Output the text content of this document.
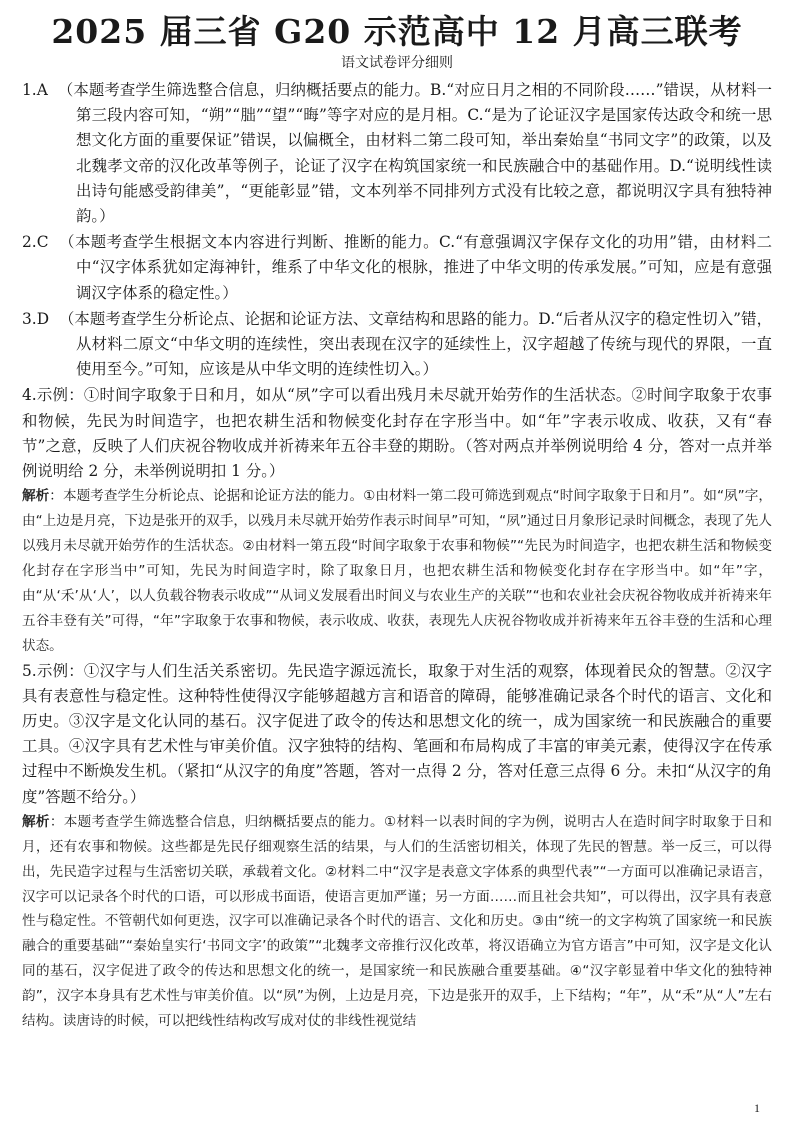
2025 届三省 G20 示范高中 12 月高三联考
语文试卷评分细则
1.A （本题考查学生筛选整合信息，归纳概括要点的能力。B.“对应日月之相的不同阶段……”错误，从材料一第三段内容可知，“朔”“朏”“望”“晦”等字对应的是月相。C.“是为了论证汉字是国家传达政令和统一思想文化方面的重要保证”错误，以偏概全，由材料二第二段可知，举出秦始皇“书同文字”的政策，以及北魏孝文帝的汉化改革等例子，论证了汉字在构筑国家统一和民族融合中的基础作用。D.“说明线性读出诗句能感受韵律美”，“更能彰显”错，文本列举不同排列方式没有比较之意，都说明汉字具有独特神韵。）
2.C （本题考查学生根据文本内容进行判断、推断的能力。C.“有意强调汉字保存文化的功用”错，由材料二中“汉字体系犹如定海神针，维系了中华文化的根脉，推进了中华文明的传承发展。”可知，应是有意强调汉字体系的稳定性。）
3.D （本题考查学生分析论点、论据和论证方法、文章结构和思路的能力。D.“后者从汉字的稳定性切入”错，从材料二原文“中华文明的连续性，突出表现在汉字的延续性上，汉字超越了传统与现代的界限，一直使用至今。”可知，应该是从中华文明的连续性切入。）
4.示例：①时间字取象于日和月，如从“夙”字可以看出残月未尽就开始劳作的生活状态。②时间字取象于农事和物候，先民为时间造字，也把农耕生活和物候变化封存在字形当中。如“年”字表示收成、收获，又有“春节”之意，反映了人们庆祝谷物收成并祈祷来年五谷丰登的期盼。（答对两点并举例说明给 4 分，答对一点并举例说明给 2 分，未举例说明扣 1 分。）
解析：本题考查学生分析论点、论据和论证方法的能力。①由材料一第二段可筛选到观点“时间字取象于日和月”。如“夙”字，由“上边是月亮，下边是张开的双手，以残月未尽就开始劳作表示时间早”可知，“夙”通过日月象形记录时间概念，表现了先人以残月未尽就开始劳作的生活状态。②由材料一第五段“时间字取象于农事和物候”“先民为时间造字，也把农耕生活和物候变化封存在字形当中”可知，先民为时间造字时，除了取象日月，也把农耕生活和物候变化封存在字形当中。如“年”字，由“从‘禾’从‘人’，以人负载谷物表示收成”“从词义发展看出时间义与农业生产的关联”“也和农业社会庆祝谷物收成并祈祷来年五谷丰登有关”可得，“年”字取象于农事和物候，表示收成、收获，表现先人庆祝谷物收成并祈祷来年五谷丰登的生活和心理状态。
5.示例：①汉字与人们生活关系密切。先民造字源远流长，取象于对生活的观察，体现着民众的智慧。②汉字具有表意性与稳定性。这种特性使得汉字能够超越方言和语音的障碍，能够准确记录各个时代的语言、文化和历史。③汉字是文化认同的基石。汉字促进了政令的传达和思想文化的统一，成为国家统一和民族融合的重要工具。④汉字具有艺术性与审美价值。汉字独特的结构、笔画和布局构成了丰富的审美元素，使得汉字在传承过程中不断焕发生机。（紧扣“从汉字的角度”答题，答对一点得 2 分，答对任意三点得 6 分。未扣“从汉字的角度”答题不给分。）
解析：本题考查学生筛选整合信息，归纳概括要点的能力。①材料一以表时间的字为例，说明古人在造时间字时取象于日和月，还有农事和物候。这些都是先民仔细观察生活的结果，与人们的生活密切相关，体现了先民的智慧。举一反三，可以得出，先民造字过程与生活密切关联，承载着文化。②材料二中“汉字是表意文字体系的典型代表”“一方面可以准确记录语言，汉字可以记录各个时代的口语，可以形成书面语，使语言更加严谨；另一方面……而且社会共知”，可以得出，汉字具有表意性与稳定性。不管朝代如何更迭，汉字可以准确记录各个时代的语言、文化和历史。③由“统一的文字构筑了国家统一和民族融合的重要基础”“秦始皇实行‘书同文字’的政策”“北魏孝文帝推行汉化改革，将汉语确立为官方语言”中可知，汉字是文化认同的基石，汉字促进了政令的传达和思想文化的统一，是国家统一和民族融合重要基础。④“汉字彰显着中华文化的独特神韵”，汉字本身具有艺术性与审美价值。以“夙”为例，上边是月亮，下边是张开的双手，上下结构；“年”，从“禾”从“人”左右结构。读唐诗的时候，可以把线性结构改写成对仗的非线性视觉结
1
